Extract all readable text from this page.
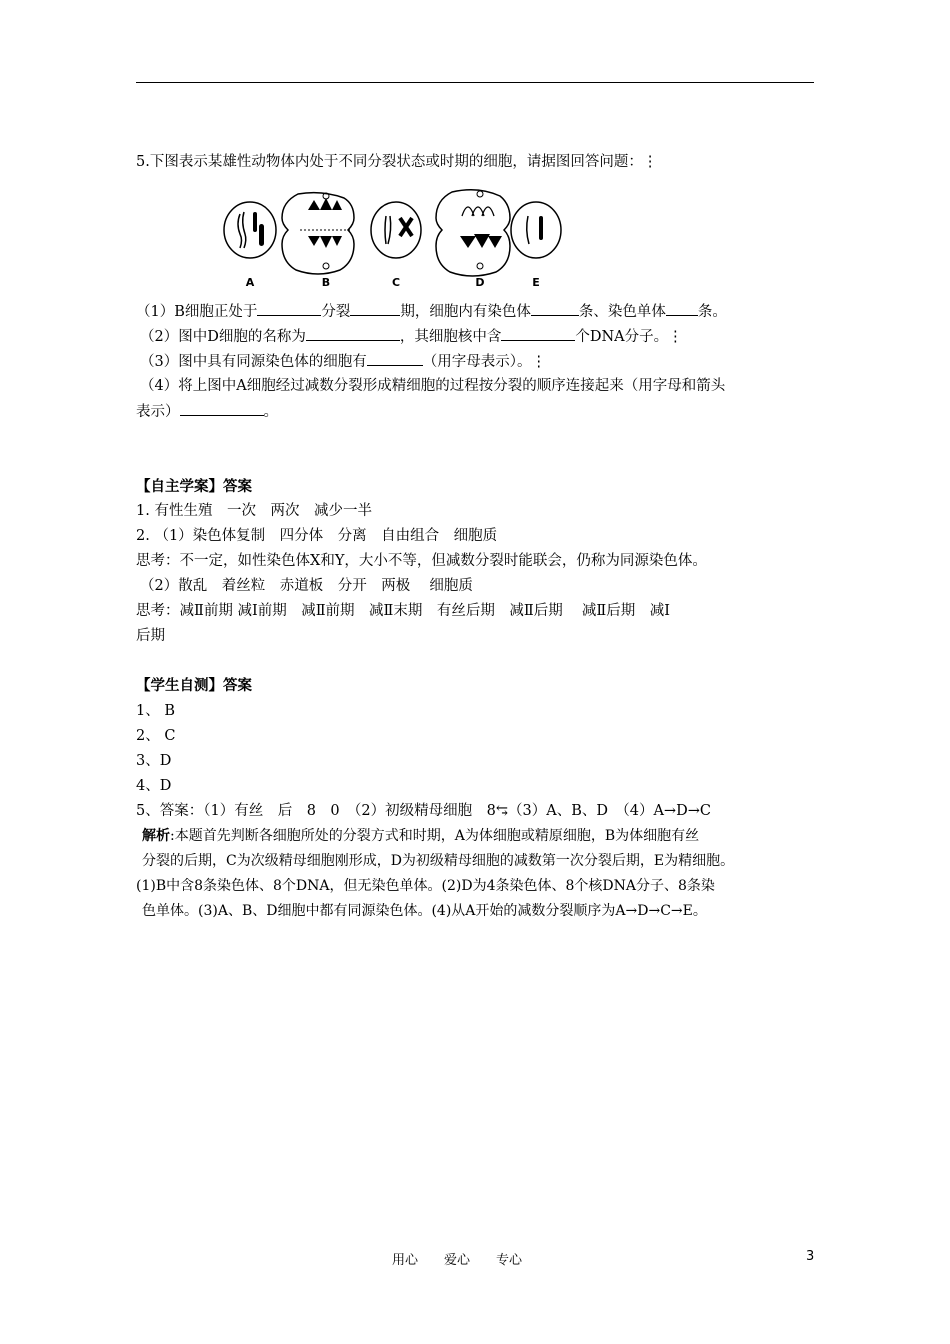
5.下图表示某雄性动物体内处于不同分裂状态或时期的细胞，请据图回答问题：⋮
A	B	C	D	E
（1）B细胞正处于	分裂	期，细胞内有染色体	条、染色单体 条。
（2）图中D细胞的名称为	，其细胞核中含	个DNA分子。⋮
（3）图中具有同源染色体的细胞有	（用字母表示）。⋮
（4）将上图中A细胞经过减数分裂形成精细胞的过程按分裂的顺序连接起来（用字母和箭头
表示）	。
【自主学案】答案
1. 有性生殖　一次　两次　减少一半
2. （1）染色体复制　四分体　分离　自由组合　细胞质
思考：不一定，如性染色体X和Y，大小不等，但减数分裂时能联会，仍称为同源染色体。
（2）散乱　着丝粒　赤道板　分开　两极　 细胞质
思考：减Ⅱ前期 减Ⅰ前期　减Ⅱ前期　减Ⅱ末期　有丝后期　减Ⅱ后期　 减Ⅱ后期　减Ⅰ
后期
【学生自测】答案
1、 B
2、 C
3、D
4、D
5、答案：（1）有丝　后　8　0　（2）初级精母细胞　8⥃（3）A、B、D　（4）A→D→C
解析:本题首先判断各细胞所处的分裂方式和时期，A为体细胞或精原细胞，B为体细胞有丝
分裂的后期，C为次级精母细胞刚形成，D为初级精母细胞的减数第一次分裂后期，E为精细胞。
(1)B中含8条染色体、8个DNA，但无染色单体。(2)D为4条染色体、8个核DNA分子、8条染
色单体。(3)A、B、D细胞中都有同源染色体。(4)从A开始的减数分裂顺序为A→D→C→E。
用心　　爱心　　专心	3
